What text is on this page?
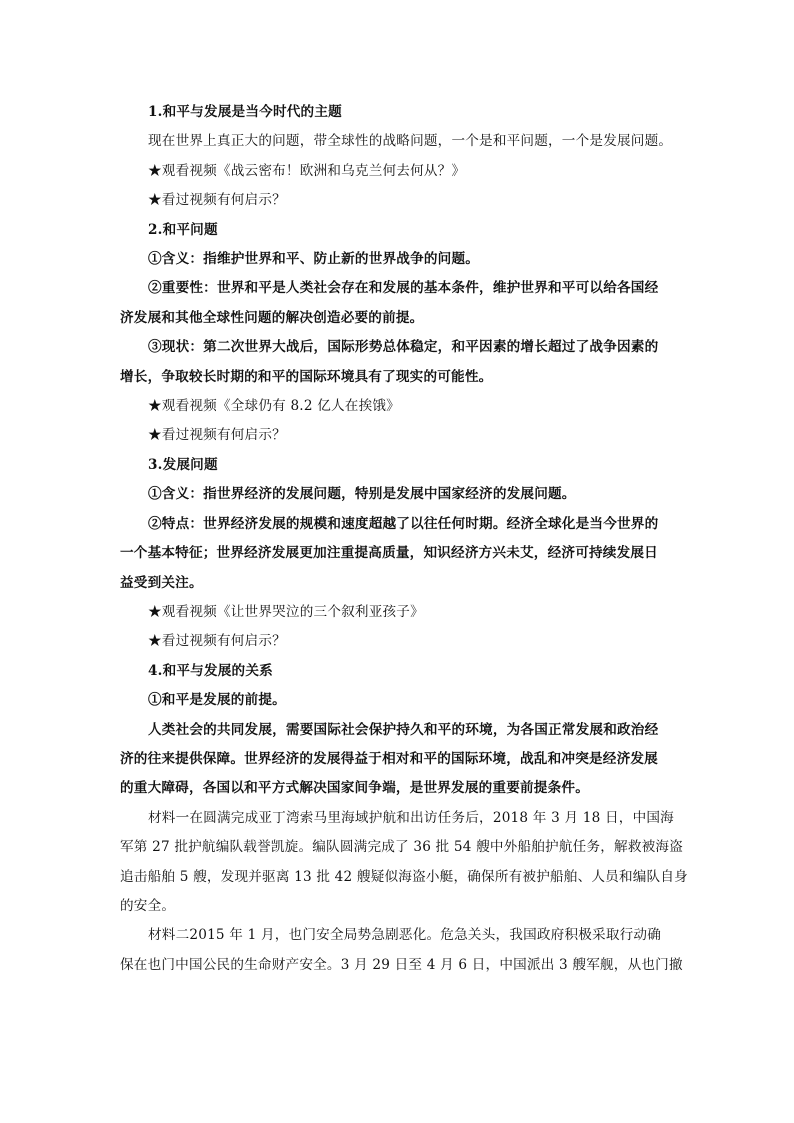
1.和平与发展是当今时代的主题

现在世界上真正大的问题，带全球性的战略问题，一个是和平问题，一个是发展问题。

★观看视频《战云密布！欧洲和乌克兰何去何从？》

★看过视频有何启示？

2.和平问题

①含义：指维护世界和平、防止新的世界战争的问题。

②重要性：世界和平是人类社会存在和发展的基本条件，维护世界和平可以给各国经

济发展和其他全球性问题的解决创造必要的前提。

③现状：第二次世界大战后，国际形势总体稳定，和平因素的增长超过了战争因素的

增长，争取较长时期的和平的国际环境具有了现实的可能性。

★观看视频《全球仍有 8.2 亿人在挨饿》

★看过视频有何启示？

3.发展问题

①含义：指世界经济的发展问题，特别是发展中国家经济的发展问题。

②特点：世界经济发展的规模和速度超越了以往任何时期。经济全球化是当今世界的

一个基本特征；世界经济发展更加注重提高质量，知识经济方兴未艾，经济可持续发展日

益受到关注。

★观看视频《让世界哭泣的三个叙利亚孩子》

★看过视频有何启示？

4.和平与发展的关系

①和平是发展的前提。

人类社会的共同发展，需要国际社会保护持久和平的环境，为各国正常发展和政治经

济的往来提供保障。世界经济的发展得益于相对和平的国际环境，战乱和冲突是经济发展

的重大障碍，各国以和平方式解决国家间争端，是世界发展的重要前提条件。

材料一在圆满完成亚丁湾索马里海域护航和出访任务后，2018 年 3 月 18 日，中国海

军第 27 批护航编队载誉凯旋。编队圆满完成了 36 批 54 艘中外船舶护航任务，解救被海盗

追击船舶 5 艘，发现并驱离 13 批 42 艘疑似海盗小艇，确保所有被护船舶、人员和编队自身

的安全。

材料二2015 年 1 月，也门安全局势急剧恶化。危急关头，我国政府积极采取行动确

保在也门中国公民的生命财产安全。3 月 29 日至 4 月 6 日，中国派出 3 艘军舰，从也门撤
